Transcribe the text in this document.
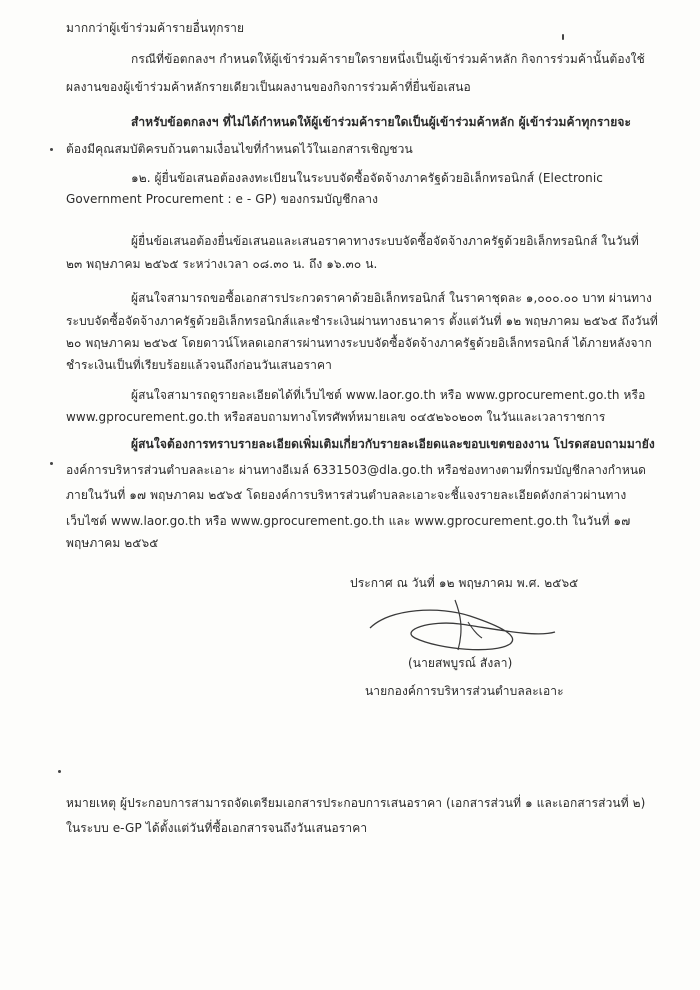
มากกว่าผู้เข้าร่วมค้ารายอื่นทุกราย
กรณีที่ข้อตกลงฯ กำหนดให้ผู้เข้าร่วมค้ารายใดรายหนึ่งเป็นผู้เข้าร่วมค้าหลัก กิจการร่วมค้านั้นต้องใช้
ผลงานของผู้เข้าร่วมค้าหลักรายเดียวเป็นผลงานของกิจการร่วมค้าที่ยื่นข้อเสนอ
สำหรับข้อตกลงฯ ที่ไม่ได้กำหนดให้ผู้เข้าร่วมค้ารายใดเป็นผู้เข้าร่วมค้าหลัก ผู้เข้าร่วมค้าทุกรายจะ
ต้องมีคุณสมบัติครบถ้วนตามเงื่อนไขที่กำหนดไว้ในเอกสารเชิญชวน
๑๒. ผู้ยื่นข้อเสนอต้องลงทะเบียนในระบบจัดซื้อจัดจ้างภาครัฐด้วยอิเล็กทรอนิกส์ (Electronic
Government Procurement : e - GP) ของกรมบัญชีกลาง
ผู้ยื่นข้อเสนอต้องยื่นข้อเสนอและเสนอราคาทางระบบจัดซื้อจัดจ้างภาครัฐด้วยอิเล็กทรอนิกส์ ในวันที่
๒๓ พฤษภาคม ๒๕๖๕ ระหว่างเวลา ๐๘.๓๐ น. ถึง ๑๖.๓๐ น.
ผู้สนใจสามารถขอซื้อเอกสารประกวดราคาด้วยอิเล็กทรอนิกส์ ในราคาชุดละ ๑,๐๐๐.๐๐ บาท ผ่านทาง
ระบบจัดซื้อจัดจ้างภาครัฐด้วยอิเล็กทรอนิกส์และชำระเงินผ่านทางธนาคาร ตั้งแต่วันที่ ๑๒ พฤษภาคม ๒๕๖๕ ถึงวันที่
๒๐ พฤษภาคม ๒๕๖๕ โดยดาวน์โหลดเอกสารผ่านทางระบบจัดซื้อจัดจ้างภาครัฐด้วยอิเล็กทรอนิกส์ ได้ภายหลังจาก
ชำระเงินเป็นที่เรียบร้อยแล้วจนถึงก่อนวันเสนอราคา
ผู้สนใจสามารถดูรายละเอียดได้ที่เว็บไซต์ www.laor.go.th หรือ www.gprocurement.go.th หรือ
www.gprocurement.go.th หรือสอบถามทางโทรศัพท์หมายเลข ๐๔๕๒๖๐๒๐๓ ในวันและเวลาราชการ
ผู้สนใจต้องการทราบรายละเอียดเพิ่มเติมเกี่ยวกับรายละเอียดและขอบเขตของงาน โปรดสอบถามมายัง
องค์การบริหารส่วนตำบลละเอาะ ผ่านทางอีเมล์ 6331503@dla.go.th หรือช่องทางตามที่กรมบัญชีกลางกำหนด
ภายในวันที่ ๑๗ พฤษภาคม ๒๕๖๕ โดยองค์การบริหารส่วนตำบลละเอาะจะชี้แจงรายละเอียดดังกล่าวผ่านทาง
เว็บไซต์ www.laor.go.th หรือ www.gprocurement.go.th และ www.gprocurement.go.th ในวันที่ ๑๗
พฤษภาคม ๒๕๖๕
ประกาศ ณ วันที่ ๑๒ พฤษภาคม พ.ศ. ๒๕๖๕
(นายสพบูรณ์ สังลา)
นายกองค์การบริหารส่วนตำบลละเอาะ
หมายเหตุ ผู้ประกอบการสามารถจัดเตรียมเอกสารประกอบการเสนอราคา (เอกสารส่วนที่ ๑ และเอกสารส่วนที่ ๒)
ในระบบ e-GP ได้ตั้งแต่วันที่ซื้อเอกสารจนถึงวันเสนอราคา
